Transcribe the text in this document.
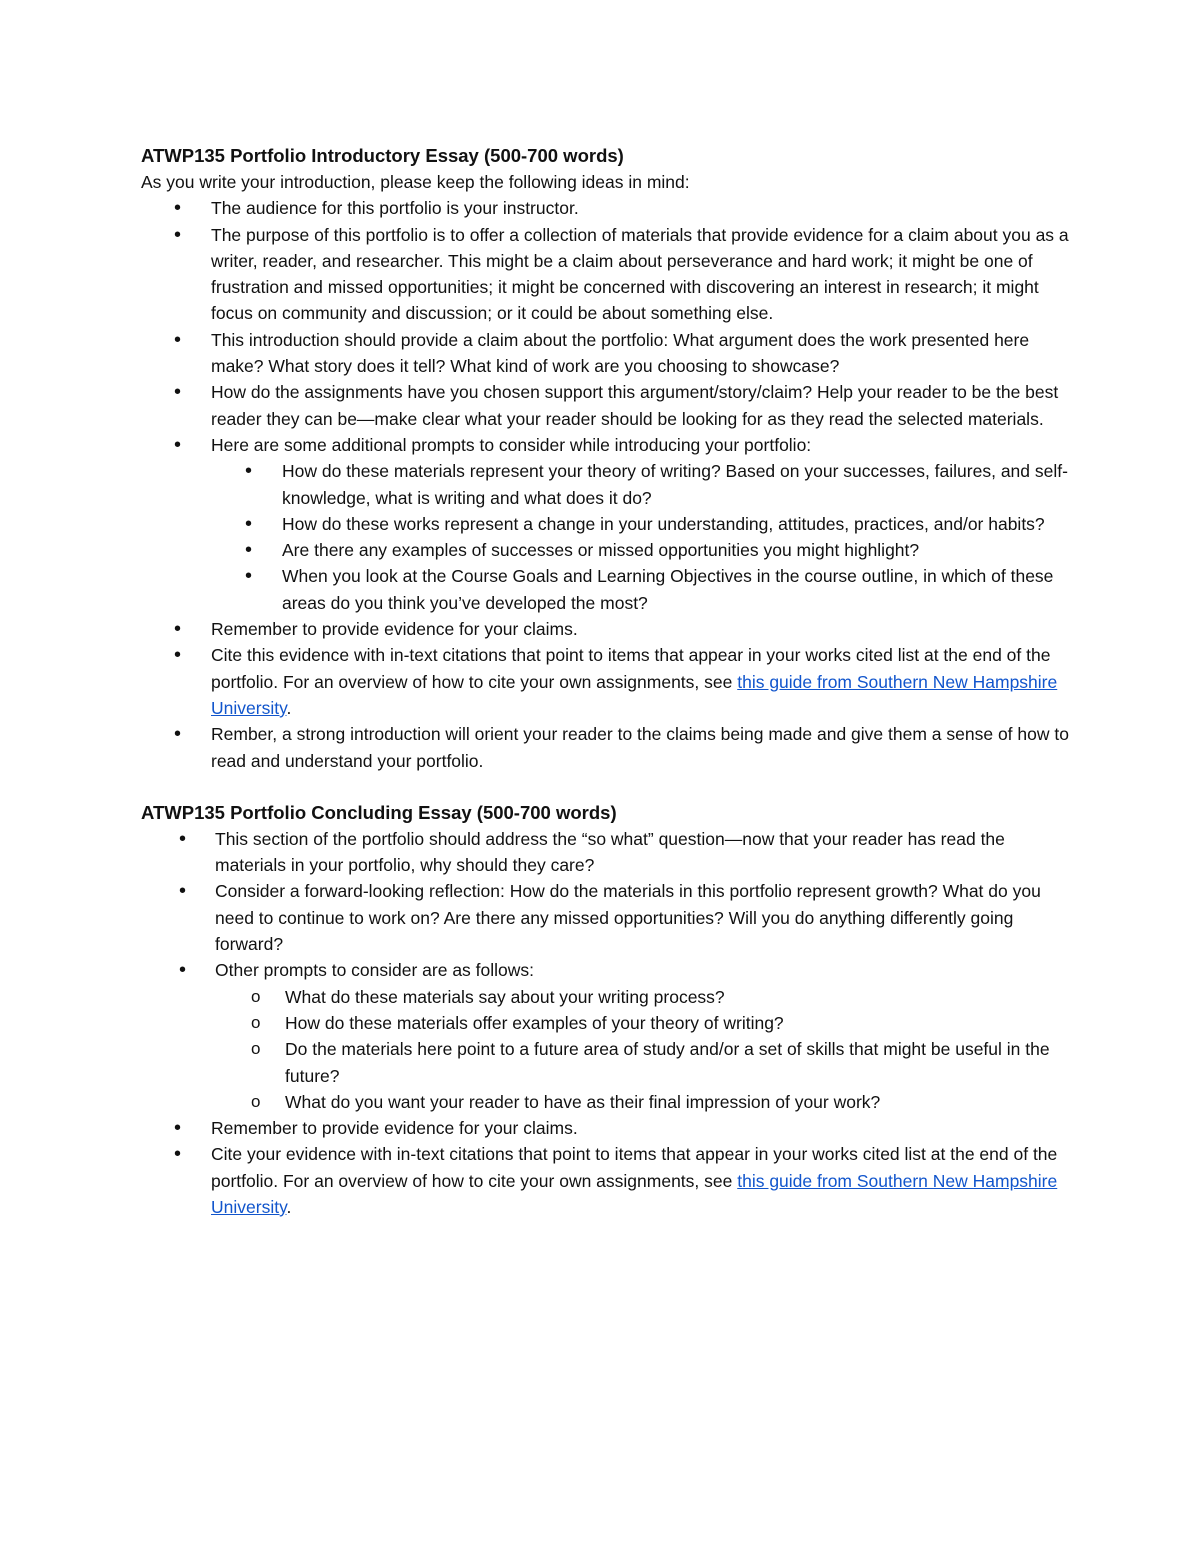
ATWP135 Portfolio Introductory Essay (500-700 words)

As you write your introduction, please keep the following ideas in mind:

• The audience for this portfolio is your instructor.
• The purpose of this portfolio is to offer a collection of materials that provide evidence for a claim about you as a writer, reader, and researcher. This might be a claim about perseverance and hard work; it might be one of frustration and missed opportunities; it might be concerned with discovering an interest in research; it might focus on community and discussion; or it could be about something else.
• This introduction should provide a claim about the portfolio: What argument does the work presented here make? What story does it tell? What kind of work are you choosing to showcase?
• How do the assignments have you chosen support this argument/story/claim? Help your reader to be the best reader they can be—make clear what your reader should be looking for as they read the selected materials.
• Here are some additional prompts to consider while introducing your portfolio:
• How do these materials represent your theory of writing? Based on your successes, failures, and self-knowledge, what is writing and what does it do?
• How do these works represent a change in your understanding, attitudes, practices, and/or habits?
• Are there any examples of successes or missed opportunities you might highlight?
• When you look at the Course Goals and Learning Objectives in the course outline, in which of these areas do you think you’ve developed the most?
• Remember to provide evidence for your claims.
• Cite this evidence with in-text citations that point to items that appear in your works cited list at the end of the portfolio. For an overview of how to cite your own assignments, see this guide from Southern New Hampshire University.
• Rember, a strong introduction will orient your reader to the claims being made and give them a sense of how to read and understand your portfolio.
ATWP135 Portfolio Concluding Essay (500-700 words)
• This section of the portfolio should address the “so what” question—now that your reader has read the materials in your portfolio, why should they care?
• Consider a forward-looking reflection: How do the materials in this portfolio represent growth? What do you need to continue to work on? Are there any missed opportunities? Will you do anything differently going forward?
• Other prompts to consider are as follows:
o What do these materials say about your writing process?
o How do these materials offer examples of your theory of writing?
o Do the materials here point to a future area of study and/or a set of skills that might be useful in the future?
o What do you want your reader to have as their final impression of your work?
• Remember to provide evidence for your claims.
• Cite your evidence with in-text citations that point to items that appear in your works cited list at the end of the portfolio. For an overview of how to cite your own assignments, see this guide from Southern New Hampshire University.
